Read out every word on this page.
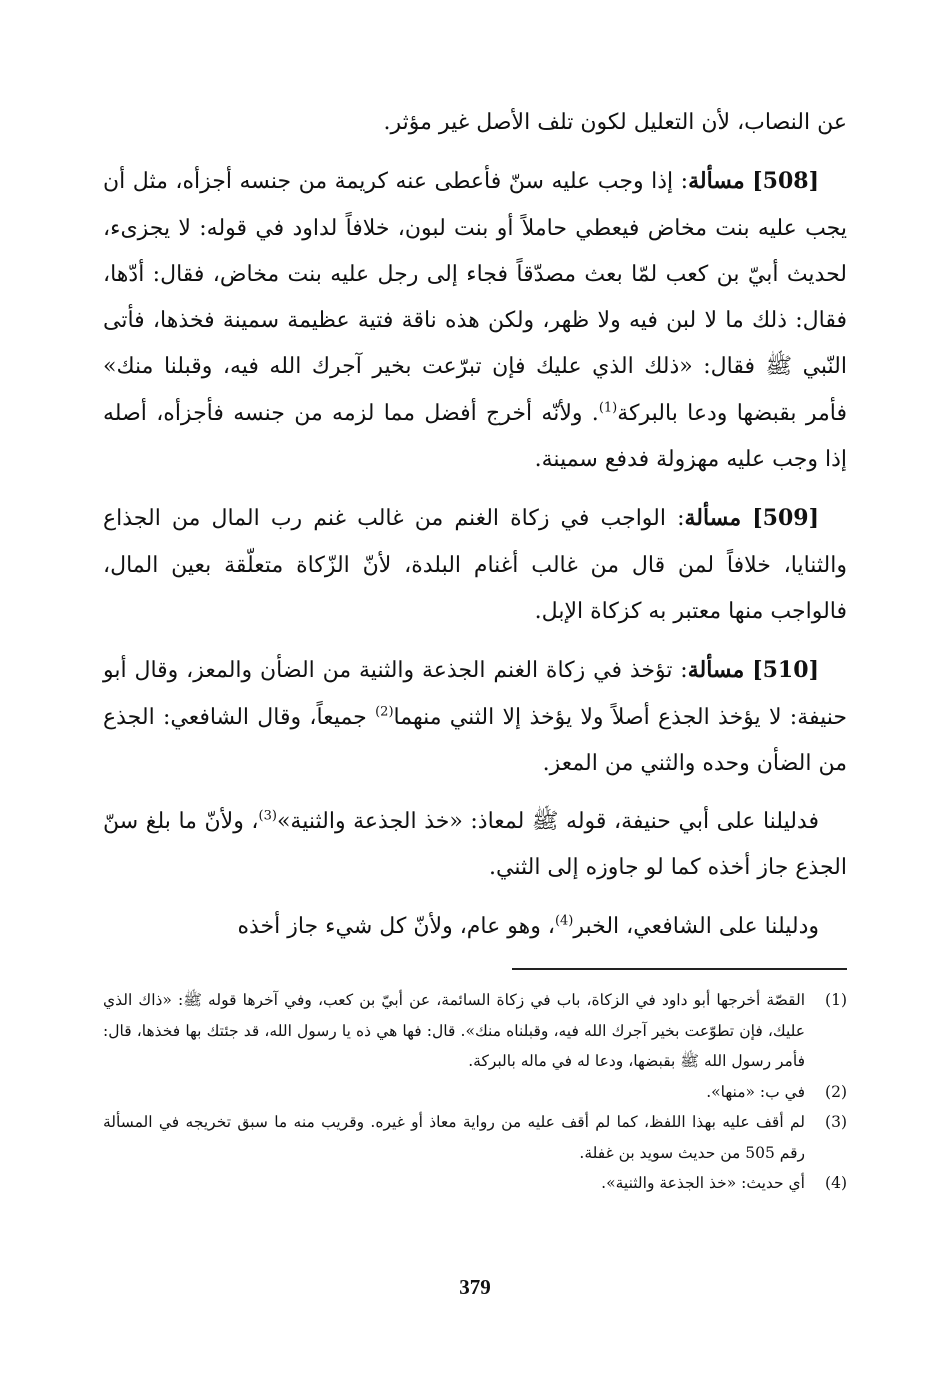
عن النصاب، لأن التعليل لكون تلف الأصل غير مؤثر.

[508] مسألة: إذا وجب عليه سنّ فأعطى عنه كريمة من جنسه أجزأه، مثل أن يجب عليه بنت مخاض فيعطي حاملاً أو بنت لبون، خلافاً لداود في قوله: لا يجزىء، لحديث أبيّ بن كعب لمّا بعث مصدّقاً فجاء إلى رجل عليه بنت مخاض، فقال: أدّها، فقال: ذلك ما لا لبن فيه ولا ظهر، ولكن هذه ناقة فتية عظيمة سمينة فخذها، فأتى النّبي ﷺ فقال: «ذلك الذي عليك فإن تبرّعت بخير آجرك الله فيه، وقبلنا منك» فأمر بقبضها ودعا بالبركة$^{(1)}$. ولأنّه أخرج أفضل مما لزمه من جنسه فأجزأه، أصله إذا وجب عليه مهزولة فدفع سمينة.

[509] مسألة: الواجب في زكاة الغنم من غالب غنم رب المال من الجذاع والثنايا، خلافاً لمن قال من غالب أغنام البلدة، لأنّ الزّكاة متعلّقة بعين المال، فالواجب منها معتبر به كزكاة الإبل.

[510] مسألة: تؤخذ في زكاة الغنم الجذعة والثنية من الضأن والمعز، وقال أبو حنيفة: لا يؤخذ الجذع أصلاً ولا يؤخذ إلا الثني منهما$^{(2)}$ جميعاً، وقال الشافعي: الجذع من الضأن وحده والثني من المعز.

فدليلنا على أبي حنيفة، قوله ﷺ لمعاذ: «خذ الجذعة والثنية»$^{(3)}$، ولأنّ ما بلغ سنّ الجذع جاز أخذه كما لو جاوزه إلى الثني.

ودليلنا على الشافعي، الخبر$^{(4)}$، وهو عام، ولأنّ كل شيء جاز أخذه

(1)
القصّة أخرجها أبو داود في الزكاة، باب في زكاة السائمة، عن أبيّ بن كعب، وفي آخرها قوله ﷺ: «ذاك الذي عليك، فإن تطوّعت بخير آجرك الله فيه، وقبلناه منك». قال: فها هي ذه يا رسول الله، قد جئتك بها فخذها، قال: فأمر رسول الله ﷺ بقبضها، ودعا له في ماله بالبركة.
(2)
في ب: «منها».
(3)
لم أقف عليه بهذا اللفظ، كما لم أقف عليه من رواية معاذ أو غيره. وقريب منه ما سبق تخريجه في المسألة رقم 505 من حديث سويد بن غفلة.
(4)
أي حديث: «خذ الجذعة والثنية».
379
